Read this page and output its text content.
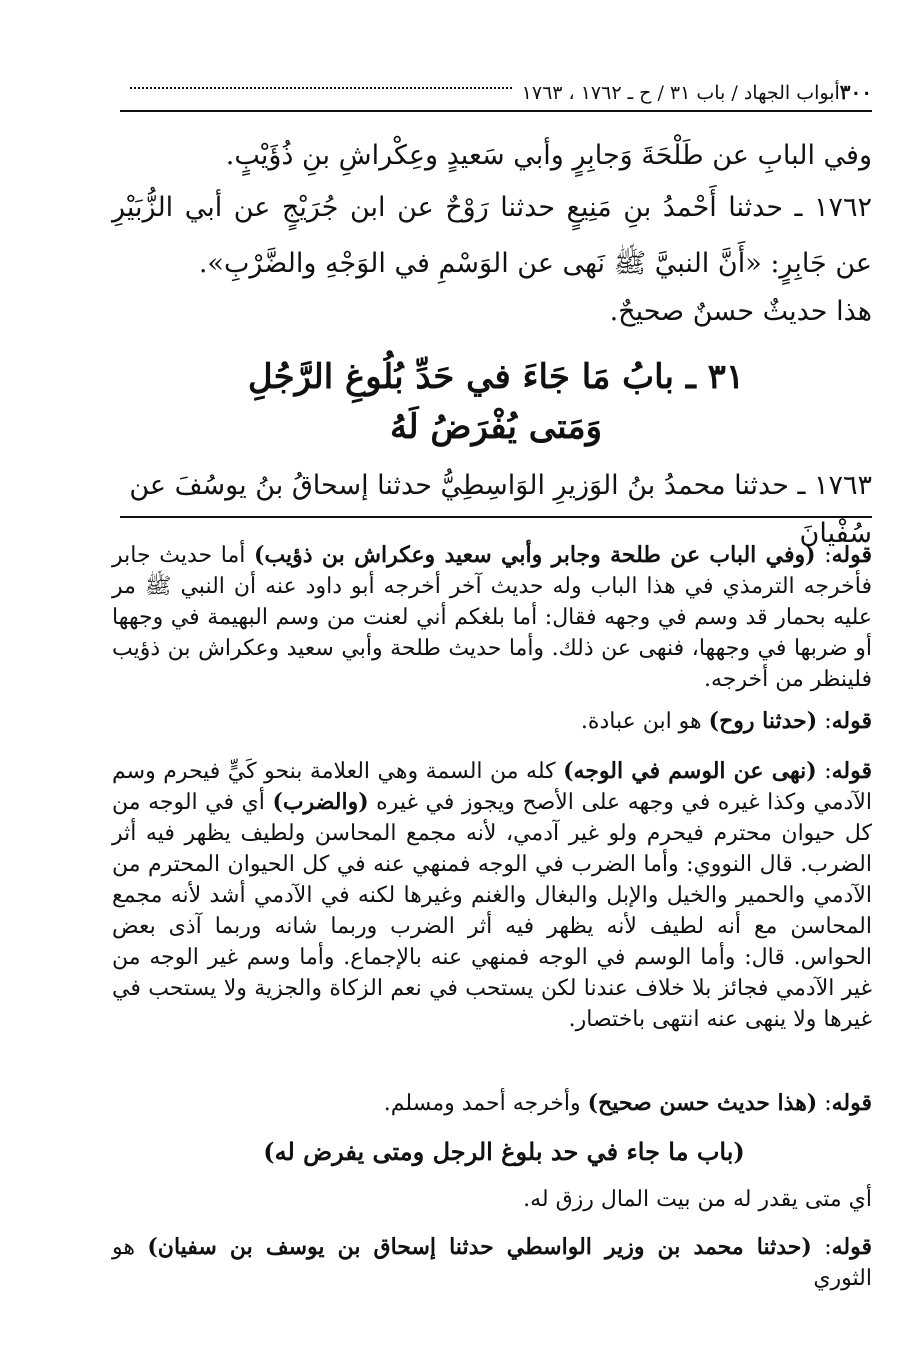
٣٠٠
أبواب الجهاد / باب ٣١ / ح ـ ١٧٦٢ ، ١٧٦٣
وفي البابِ عن طَلْحَةَ وَجابِرٍ وأبي سَعيدٍ وعِكْراشِ بنِ ذُؤَيْبٍ.
١٧٦٢ ـ حدثنا أَحْمدُ بنِ مَنِيعٍ حدثنا رَوْحٌ عن ابن جُرَيْجٍ عن أبي الزُّبَيْرِ عن جَابِرٍ: «أَنَّ النبيَّ ﷺ نَهى عن الوَسْمِ في الوَجْهِ والضَّرْبِ».
هذا حديثٌ حسنٌ صحيحٌ.
٣١ ـ بابُ مَا جَاءَ في حَدِّ بُلُوغِ الرَّجُلِ
وَمَتى يُفْرَضُ لَهُ
١٧٦٣ ـ حدثنا محمدُ بنُ الوَزيرِ الوَاسِطِيُّ حدثنا إسحاقُ بنُ يوسُفَ عن سُفْيانَ
قوله: (وفي الباب عن طلحة وجابر وأبي سعيد وعكراش بن ذؤيب) أما حديث جابر فأخرجه الترمذي في هذا الباب وله حديث آخر أخرجه أبو داود عنه أن النبي ﷺ مر عليه بحمار قد وسم في وجهه فقال: أما بلغكم أني لعنت من وسم البهيمة في وجهها أو ضربها في وجهها، فنهى عن ذلك. وأما حديث طلحة وأبي سعيد وعكراش بن ذؤيب فلينظر من أخرجه.
قوله: (حدثنا روح) هو ابن عبادة.
قوله: (نهى عن الوسم في الوجه) كله من السمة وهي العلامة بنحو كَيٍّ فيحرم وسم الآدمي وكذا غيره في وجهه على الأصح ويجوز في غيره (والضرب) أي في الوجه من كل حيوان محترم فيحرم ولو غير آدمي، لأنه مجمع المحاسن ولطيف يظهر فيه أثر الضرب. قال النووي: وأما الضرب في الوجه فمنهي عنه في كل الحيوان المحترم من الآدمي والحمير والخيل والإبل والبغال والغنم وغيرها لكنه في الآدمي أشد لأنه مجمع المحاسن مع أنه لطيف لأنه يظهر فيه أثر الضرب وربما شانه وربما آذى بعض الحواس. قال: وأما الوسم في الوجه فمنهي عنه بالإجماع. وأما وسم غير الوجه من غير الآدمي فجائز بلا خلاف عندنا لكن يستحب في نعم الزكاة والجزية ولا يستحب في غيرها ولا ينهى عنه انتهى باختصار.
قوله: (هذا حديث حسن صحيح) وأخرجه أحمد ومسلم.
(باب ما جاء في حد بلوغ الرجل ومتى يفرض له)
أي متى يقدر له من بيت المال رزق له.
قوله: (حدثنا محمد بن وزير الواسطي حدثنا إسحاق بن يوسف بن سفيان) هو الثوري
